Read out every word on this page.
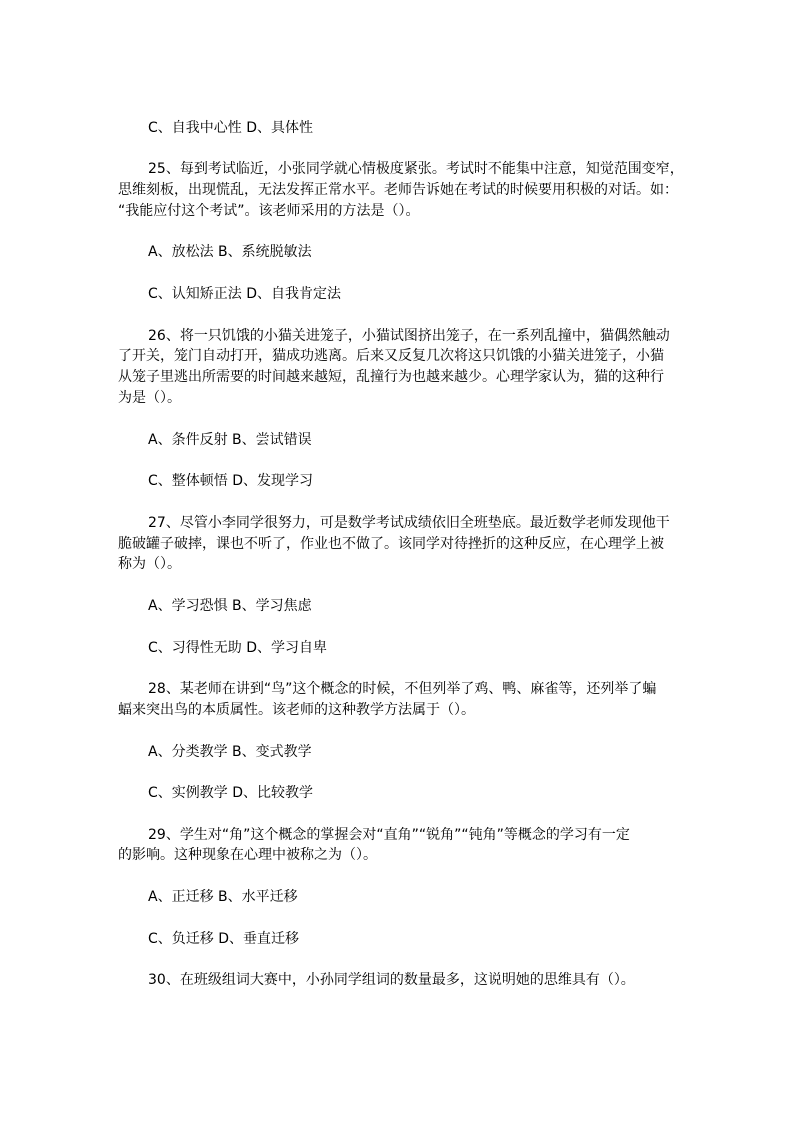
C、自我中心性 D、具体性

25、每到考试临近，小张同学就心情极度紧张。考试时不能集中注意，知觉范围变窄，
思维刻板，出现慌乱，无法发挥正常水平。老师告诉她在考试的时候要用积极的对话。如：
“我能应付这个考试”。该老师采用的方法是（）。

A、放松法 B、系统脱敏法

C、认知矫正法 D、自我肯定法

26、将一只饥饿的小猫关进笼子，小猫试图挤出笼子，在一系列乱撞中，猫偶然触动
了开关，笼门自动打开，猫成功逃离。后来又反复几次将这只饥饿的小猫关进笼子，小猫
从笼子里逃出所需要的时间越来越短，乱撞行为也越来越少。心理学家认为，猫的这种行
为是（）。

A、条件反射 B、尝试错误

C、整体顿悟 D、发现学习

27、尽管小李同学很努力，可是数学考试成绩依旧全班垫底。最近数学老师发现他干
脆破罐子破摔，课也不听了，作业也不做了。该同学对待挫折的这种反应，在心理学上被
称为（）。

A、学习恐惧 B、学习焦虑

C、习得性无助 D、学习自卑

28、某老师在讲到“鸟”这个概念的时候，不但列举了鸡、鸭、麻雀等，还列举了蝙
蝠来突出鸟的本质属性。该老师的这种教学方法属于（）。

A、分类教学 B、变式教学

C、实例教学 D、比较教学

29、学生对“角”这个概念的掌握会对“直角”“锐角”“钝角”等概念的学习有一定
的影响。这种现象在心理中被称之为（）。

A、正迁移 B、水平迁移

C、负迁移 D、垂直迁移

30、在班级组词大赛中，小孙同学组词的数量最多，这说明她的思维具有（）。
